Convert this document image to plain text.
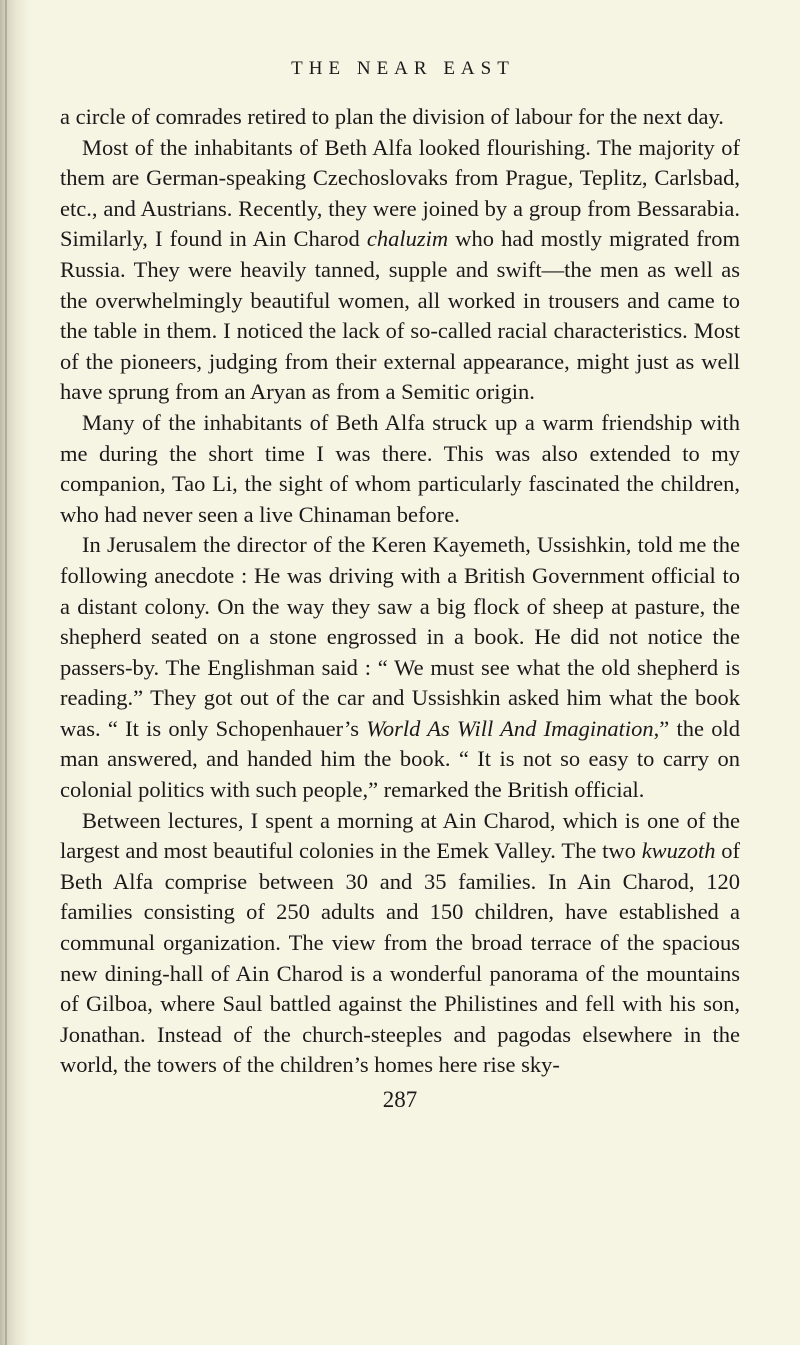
THE NEAR EAST

a circle of comrades retired to plan the division of labour for the next day.

Most of the inhabitants of Beth Alfa looked flourishing. The majority of them are German-speaking Czechoslovaks from Prague, Teplitz, Carlsbad, etc., and Austrians. Recently, they were joined by a group from Bessarabia. Similarly, I found in Ain Charod chaluzim who had mostly migrated from Russia. They were heavily tanned, supple and swift—the men as well as the overwhelmingly beautiful women, all worked in trousers and came to the table in them. I noticed the lack of so-called racial characteristics. Most of the pioneers, judging from their external appearance, might just as well have sprung from an Aryan as from a Semitic origin.

Many of the inhabitants of Beth Alfa struck up a warm friendship with me during the short time I was there. This was also extended to my companion, Tao Li, the sight of whom particularly fascinated the children, who had never seen a live Chinaman before.

In Jerusalem the director of the Keren Kayemeth, Ussishkin, told me the following anecdote : He was driving with a British Government official to a distant colony. On the way they saw a big flock of sheep at pasture, the shepherd seated on a stone engrossed in a book. He did not notice the passers-by. The Englishman said : “ We must see what the old shepherd is reading.” They got out of the car and Ussishkin asked him what the book was. “ It is only Schopenhauer’s World As Will And Imagination,” the old man answered, and handed him the book. “ It is not so easy to carry on colonial politics with such people,” remarked the British official.

Between lectures, I spent a morning at Ain Charod, which is one of the largest and most beautiful colonies in the Emek Valley. The two kwuzoth of Beth Alfa comprise between 30 and 35 families. In Ain Charod, 120 families consisting of 250 adults and 150 children, have established a communal organization. The view from the broad terrace of the spacious new dining-hall of Ain Charod is a wonderful panorama of the mountains of Gilboa, where Saul battled against the Philistines and fell with his son, Jonathan. Instead of the church-steeples and pagodas elsewhere in the world, the towers of the children’s homes here rise sky-

287
